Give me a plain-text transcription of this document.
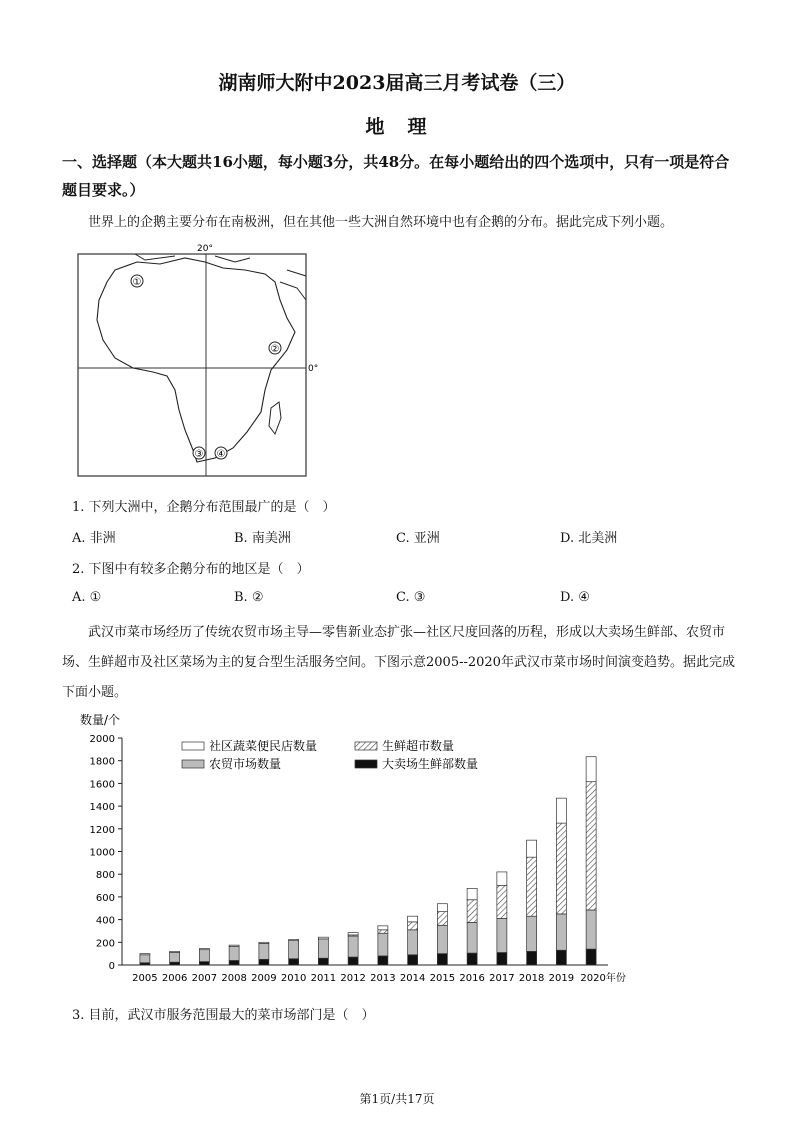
湖南师大附中2023届高三月考试卷（三）
地　理
一、选择题（本大题共16小题，每小题3分，共48分。在每小题给出的四个选项中，只有一项是符合题目要求。）
世界上的企鹅主要分布在南极洲，但在其他一些大洲自然环境中也有企鹅的分布。据此完成下列小题。
20°
0°
①
②
③ ④
1. 下列大洲中，企鹅分布范围最广的是（　）
A. 非洲	B. 南美洲	C. 亚洲	D. 北美洲
2. 下图中有较多企鹅分布的地区是（　）
A. ①	B. ②	C. ③	D. ④
武汉市菜市场经历了传统农贸市场主导—零售新业态扩张—社区尺度回落的历程，形成以大卖场生鲜部、农贸市场、生鲜超市及社区菜场为主的复合型生活服务空间。下图示意2005--2020年武汉市菜市场时间演变趋势。据此完成下面小题。
数量/个
0
200
400
600
800
1000
1200
1400
1600
1800
2000
2005 2006 2007 2008 2009 2010 2011 2012 2013 2014 2015 2016 2017 2018 2019 2020年份
社区蔬菜便民店数量	生鲜超市数量
农贸市场数量	大卖场生鲜部数量
3. 目前，武汉市服务范围最大的菜市场部门是（　）
第1页/共17页
